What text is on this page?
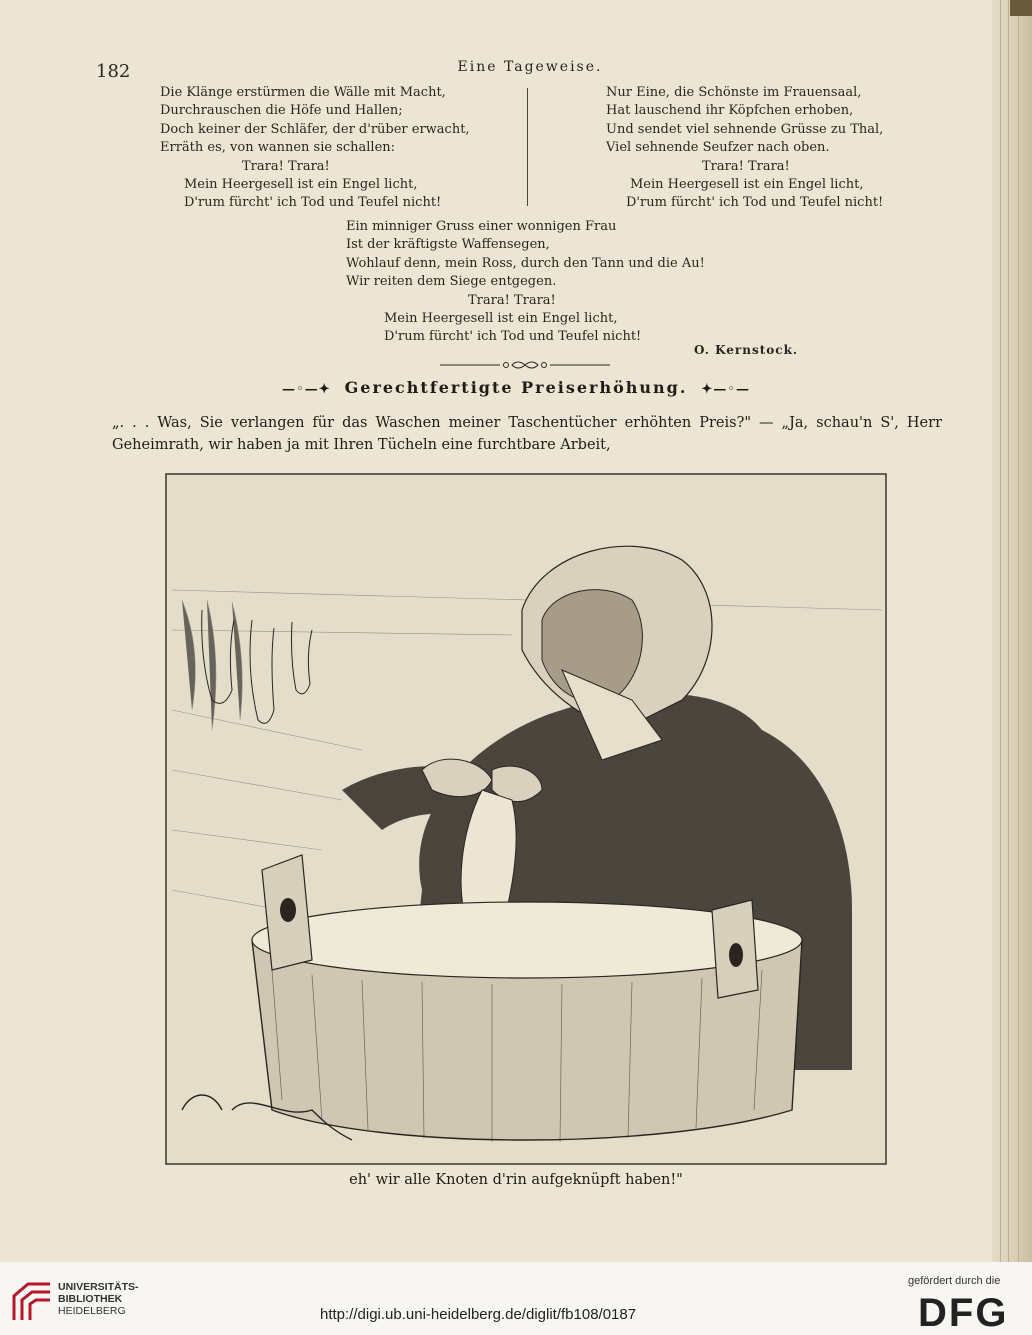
182	Eine Tageweise.
Die Klänge erstürmen die Wälle mit Macht,
Durchrauschen die Höfe und Hallen;
Doch keiner der Schläfer, der d'rüber erwacht,
Erräth es, von wannen sie schallen:
Trara! Trara!
Mein Heergesell ist ein Engel licht,
D'rum fürcht' ich Tod und Teufel nicht!
Nur Eine, die Schönste im Frauensaal,
Hat lauschend ihr Köpfchen erhoben,
Und sendet viel sehnende Grüsse zu Thal,
Viel sehnende Seufzer nach oben.
Trara! Trara!
Mein Heergesell ist ein Engel licht,
D'rum fürcht' ich Tod und Teufel nicht!
Ein minniger Gruss einer wonnigen Frau
Ist der kräftigste Waffensegen,
Wohlauf denn, mein Ross, durch den Tann und die Au!
Wir reiten dem Siege entgegen.
Trara! Trara!
Mein Heergesell ist ein Engel licht,
D'rum fürcht' ich Tod und Teufel nicht!
O. Kernstock.
—◦—✦ Gerechtfertigte Preiserhöhung. ✦—◦—
„. . . Was, Sie verlangen für das Waschen meiner Taschentücher erhöhten Preis?" — „Ja, schau'n S', Herr Geheimrath, wir haben ja mit Ihren Tücheln eine furchtbare Arbeit,
eh' wir alle Knoten d'rin aufgeknüpft haben!"
UNIVERSITÄTS-
BIBLIOTHEK
HEIDELBERG	http://digi.ub.uni-heidelberg.de/diglit/fb108/0187
gefördert durch die
DFG
